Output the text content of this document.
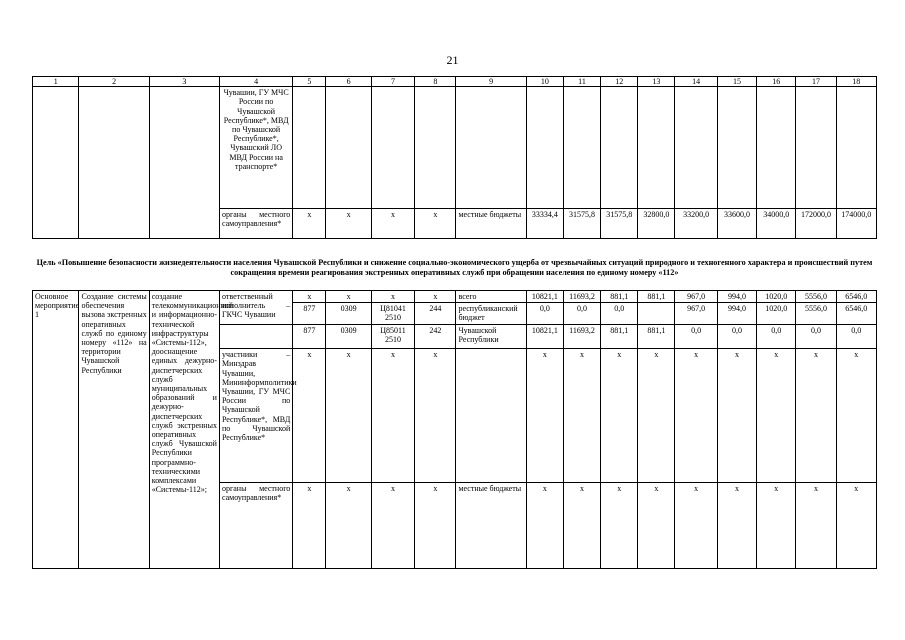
21
1	2	3	4	5	6	7	8	9	10	11	12	13	14	15	16	17	18
			Чувашии, ГУ МЧС России по Чувашской Республике*, МВД по Чувашской Республике*, Чувашский ЛО МВД России на транспорте*														
			органы местного самоуправления*	х	х	х	х	местные бюджеты	33334,4	31575,8	31575,8	32800,0	33200,0	33600,0	34000,0	172000,0	174000,0
Цель «Повышение безопасности жизнедеятельности населения Чувашской Республики и снижение социально-экономического ущерба от чрезвычайных ситуаций природного и техногенного характера и происшествий путем сокращения времени реагирования экстренных оперативных служб при обращении населения по единому номеру «112»
Основное мероприятие 1	Создание системы обеспечения вызова экстренных оперативных служб по единому номеру «112» на территории Чувашской Республики	создание телекоммуникационной и информационно-технической инфраструктуры «Системы-112», дооснащение единых дежурно-диспетчерских служб муниципальных образований и дежурно-диспетчерских служб экстренных оперативных служб Чувашской Республики программно-техническими комплексами «Системы-112»;	ответственный исполнитель – ГКЧС Чувашии	х	х	х	х	всего	10821,1	11693,2	881,1	881,1	967,0	994,0	1020,0	5556,0	6546,0
				877	0309	Ц81041 2510	244	республиканский бюджет	0,0	0,0	0,0		967,0	994,0	1020,0	5556,0	6546,0
				877	0309	Ц85011 2510	242	Чувашской Республики	10821,1	11693,2	881,1	881,1	0,0	0,0	0,0	0,0	0,0
			участники – Минздрав Чувашии, Мининформполитики Чувашии, ГУ МЧС России по Чувашской Республике*, МВД по Чувашской Республике*	х	х	х	х		х	х	х	х	х	х	х	х	х
			органы местного самоуправления*	х	х	х	х	местные бюджеты	х	х	х	х	х	х	х	х	х
